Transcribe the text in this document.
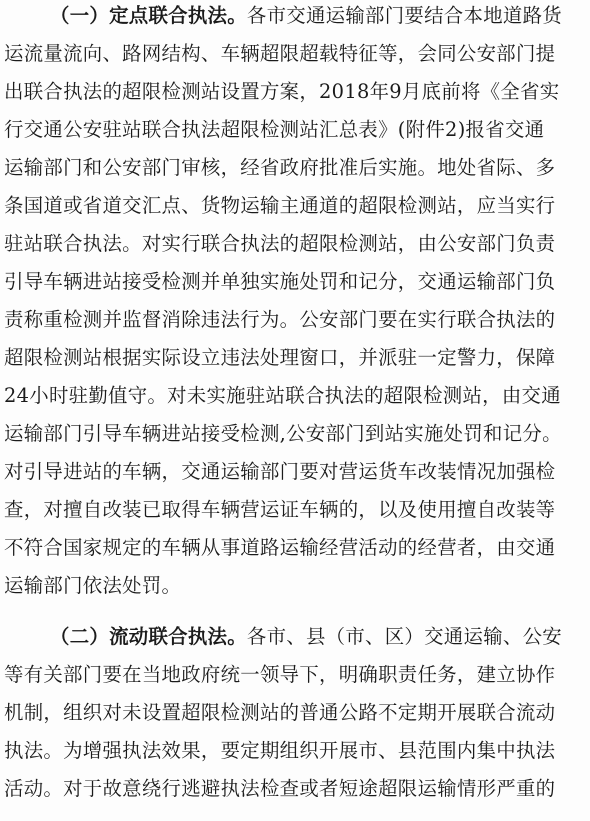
（一）定点联合执法。各市交通运输部门要结合本地道路货
运流量流向、路网结构、车辆超限超载特征等，会同公安部门提
出联合执法的超限检测站设置方案，2018年9月底前将《全省实
行交通公安驻站联合执法超限检测站汇总表》(附件2)报省交通
运输部门和公安部门审核，经省政府批准后实施。地处省际、多
条国道或省道交汇点、货物运输主通道的超限检测站，应当实行
驻站联合执法。对实行联合执法的超限检测站，由公安部门负责
引导车辆进站接受检测并单独实施处罚和记分，交通运输部门负
责称重检测并监督消除违法行为。公安部门要在实行联合执法的
超限检测站根据实际设立违法处理窗口，并派驻一定警力，保障
24小时驻勤值守。对未实施驻站联合执法的超限检测站，由交通
运输部门引导车辆进站接受检测,公安部门到站实施处罚和记分。
对引导进站的车辆，交通运输部门要对营运货车改装情况加强检
查，对擅自改装已取得车辆营运证车辆的，以及使用擅自改装等
不符合国家规定的车辆从事道路运输经营活动的经营者，由交通
运输部门依法处罚。
（二）流动联合执法。各市、县（市、区）交通运输、公安
等有关部门要在当地政府统一领导下，明确职责任务，建立协作
机制，组织对未设置超限检测站的普通公路不定期开展联合流动
执法。为增强执法效果，要定期组织开展市、县范围内集中执法
活动。对于故意绕行逃避执法检查或者短途超限运输情形严重的
